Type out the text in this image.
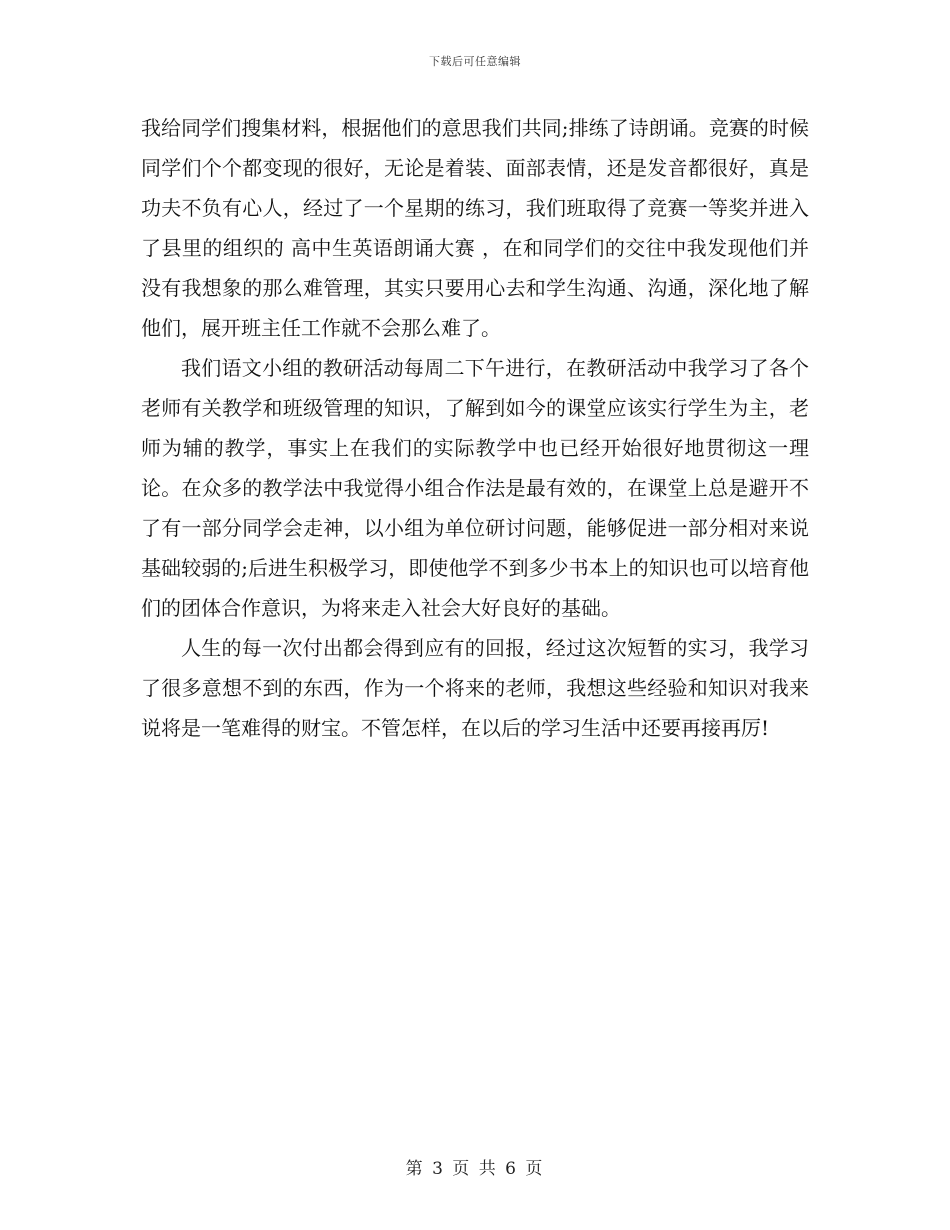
下载后可任意编辑

我给同学们搜集材料，根据他们的意思我们共同;排练了诗朗诵。竞赛的时候同学们个个都变现的很好，无论是着装、面部表情，还是发音都很好，真是功夫不负有心人，经过了一个星期的练习，我们班取得了竞赛一等奖并进入了县里的组织的 高中生英语朗诵大赛 ，在和同学们的交往中我发现他们并没有我想象的那么难管理，其实只要用心去和学生沟通、沟通，深化地了解他们，展开班主任工作就不会那么难了。

我们语文小组的教研活动每周二下午进行，在教研活动中我学习了各个老师有关教学和班级管理的知识，了解到如今的课堂应该实行学生为主，老师为辅的教学，事实上在我们的实际教学中也已经开始很好地贯彻这一理论。在众多的教学法中我觉得小组合作法是最有效的，在课堂上总是避开不了有一部分同学会走神，以小组为单位研讨问题，能够促进一部分相对来说基础较弱的;后进生积极学习，即使他学不到多少书本上的知识也可以培育他们的团体合作意识，为将来走入社会大好良好的基础。

人生的每一次付出都会得到应有的回报，经过这次短暂的实习，我学习了很多意想不到的东西，作为一个将来的老师，我想这些经验和知识对我来说将是一笔难得的财宝。不管怎样，在以后的学习生活中还要再接再厉!

第 3 页 共 6 页
